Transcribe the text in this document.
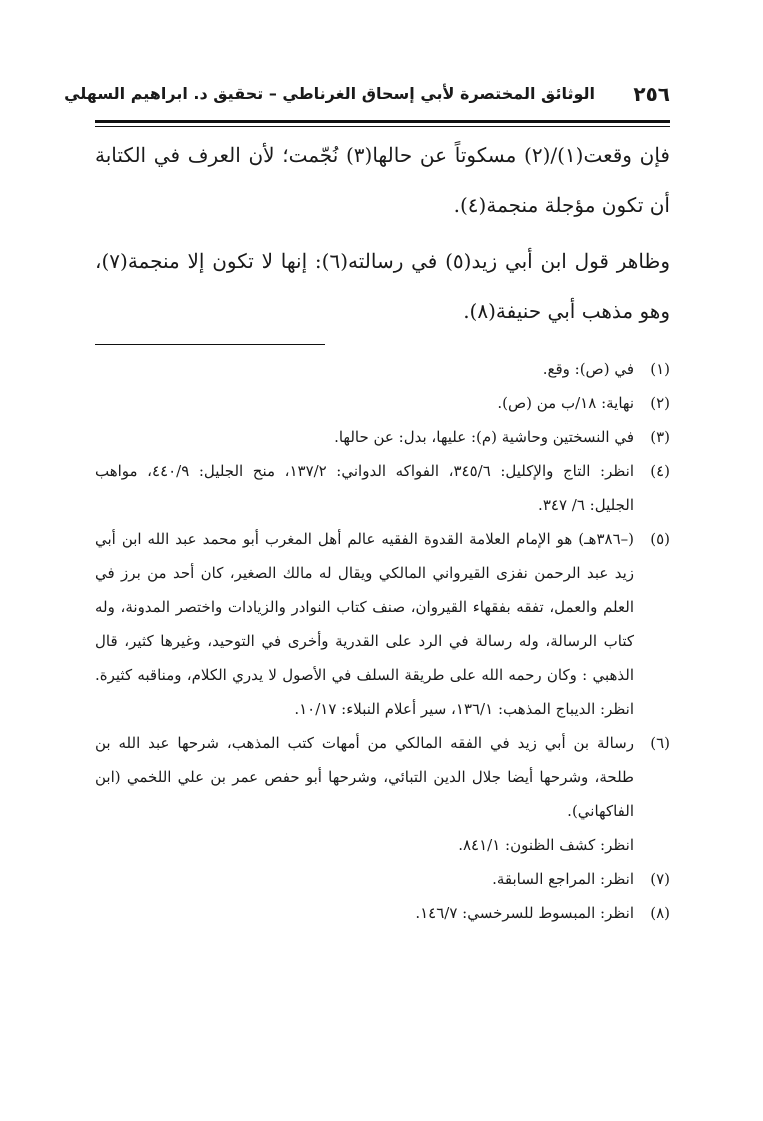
٢٥٦
الوثائق المختصرة لأبي إسحاق الغرناطي – تحقيق د. ابراهيم السهلي

فإن وقعت(١)/(٢) مسكوتاً عن حالها(٣) نُجّمت؛ لأن العرف في الكتابة أن تكون مؤجلة منجمة(٤).

وظاهر قول ابن أبي زيد(٥) في رسالته(٦): إنها لا تكون إلا منجمة(٧)، وهو مذهب أبي حنيفة(٨).

(١)
في (ص): وقع.

(٢)
نهاية: ١٨/ب من (ص).

(٣)
في النسختين وحاشية (م): عليها، بدل: عن حالها.

(٤)
انظر: التاج والإكليل: ٣٤٥/٦، الفواكه الدواني: ١٣٧/٢، منح الجليل: ٤٤٠/٩، مواهب الجليل: ٦/ ٣٤٧.

(٥)
(–٣٨٦هـ) هو الإمام العلامة القدوة الفقيه عالم أهل المغرب أبو محمد عبد الله ابن أبي زيد عبد الرحمن نفزى القيرواني المالكي ويقال له مالك الصغير، كان أحد من برز في العلم والعمل، تفقه بفقهاء القيروان، صنف كتاب النوادر والزيادات واختصر المدونة، وله كتاب الرسالة، وله رسالة في الرد على القدرية وأخرى في التوحيد، وغيرها كثير، قال الذهبي : وكان رحمه الله على طريقة السلف في الأصول لا يدري الكلام، ومناقبه كثيرة. انظر: الديباج المذهب: ١٣٦/١، سير أعلام النبلاء: ١٠/١٧.

(٦)
رسالة بن أبي زيد في الفقه المالكي من أمهات كتب المذهب، شرحها عبد الله بن طلحة، وشرحها أيضا جلال الدين التبائي، وشرحها أبو حفص عمر بن علي اللخمي (ابن الفاكهاني).

انظر: كشف الظنون: ٨٤١/١.

(٧)
انظر: المراجع السابقة.

(٨)
انظر: المبسوط للسرخسي: ١٤٦/٧.
